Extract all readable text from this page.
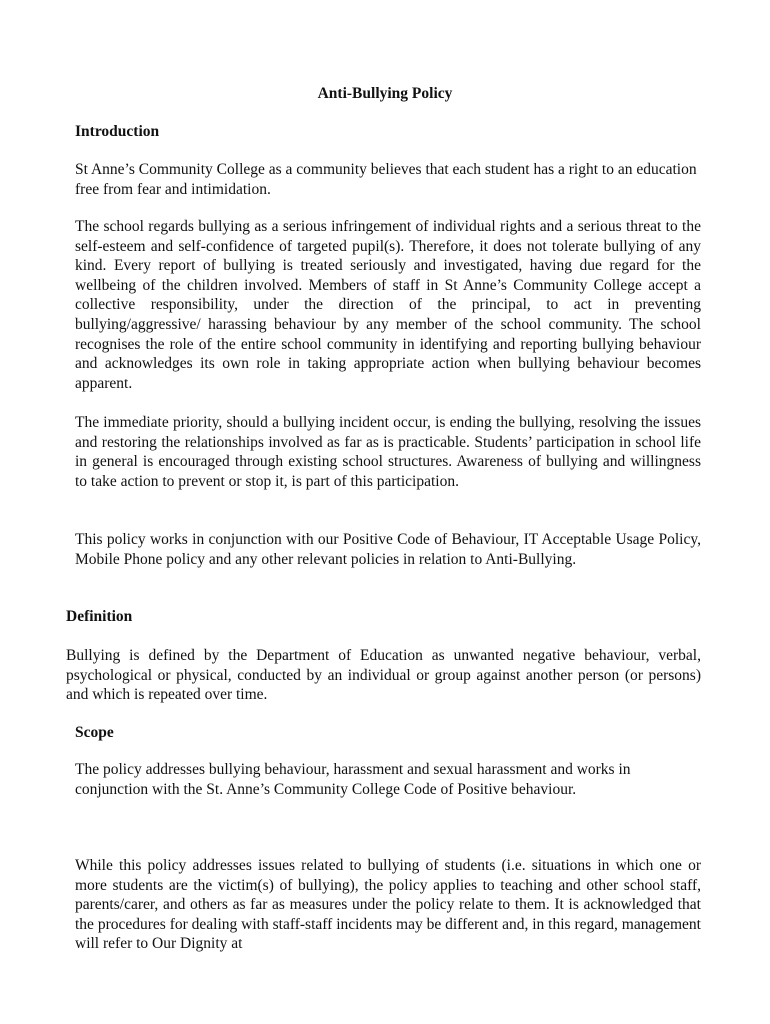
Anti-Bullying Policy
Introduction

St Anne’s Community College as a community believes that each student has a right to an education free from fear and intimidation.

The school regards bullying as a serious infringement of individual rights and a serious threat to the self-esteem and self-confidence of targeted pupil(s). Therefore, it does not tolerate bullying of any kind. Every report of bullying is treated seriously and investigated, having due regard for the wellbeing of the children involved. Members of staff in St Anne’s Community College accept a collective responsibility, under the direction of the principal, to act in preventing bullying/aggressive/ harassing behaviour by any member of the school community. The school recognises the role of the entire school community in identifying and reporting bullying behaviour and acknowledges its own role in taking appropriate action when bullying behaviour becomes apparent.

The immediate priority, should a bullying incident occur, is ending the bullying, resolving the issues and restoring the relationships involved as far as is practicable. Students’ participation in school life in general is encouraged through existing school structures. Awareness of bullying and willingness to take action to prevent or stop it, is part of this participation.

This policy works in conjunction with our Positive Code of Behaviour, IT Acceptable Usage Policy, Mobile Phone policy and any other relevant policies in relation to Anti-Bullying.

Definition

Bullying is defined by the Department of Education as unwanted negative behaviour, verbal, psychological or physical, conducted by an individual or group against another person (or persons) and which is repeated over time.

Scope

The policy addresses bullying behaviour, harassment and sexual harassment and works in conjunction with the St. Anne’s Community College Code of Positive behaviour.

While this policy addresses issues related to bullying of students (i.e. situations in which one or more students are the victim(s) of bullying), the policy applies to teaching and other school staff, parents/carer, and others as far as measures under the policy relate to them. It is acknowledged that the procedures for dealing with staff-staff incidents may be different and, in this regard, management will refer to Our Dignity at
